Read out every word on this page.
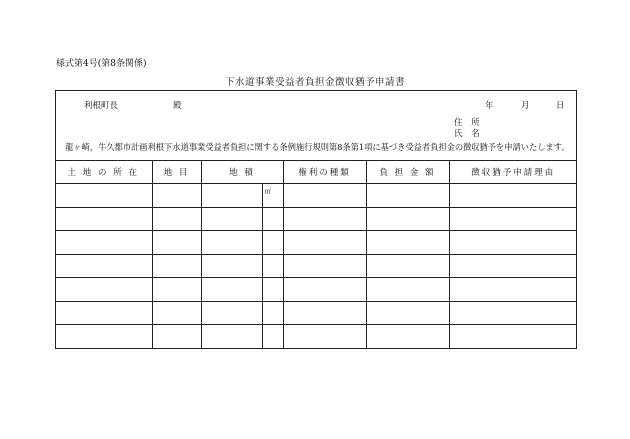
様式第4号(第8条関係)
下水道事業受益者負担金徴収猶予申請書
利根町長	殿	年	月	日
住 所
氏 名
龍ヶ崎，牛久都市計画利根下水道事業受益者負担に関する条例施行規則第8条第1項に基づき受益者負担金の徴収猶予を申請いたします。
土 地 の 所 在	地 目	地 積		権利の種類	負 担 金 額	徴収猶予申請理由

			㎡			
